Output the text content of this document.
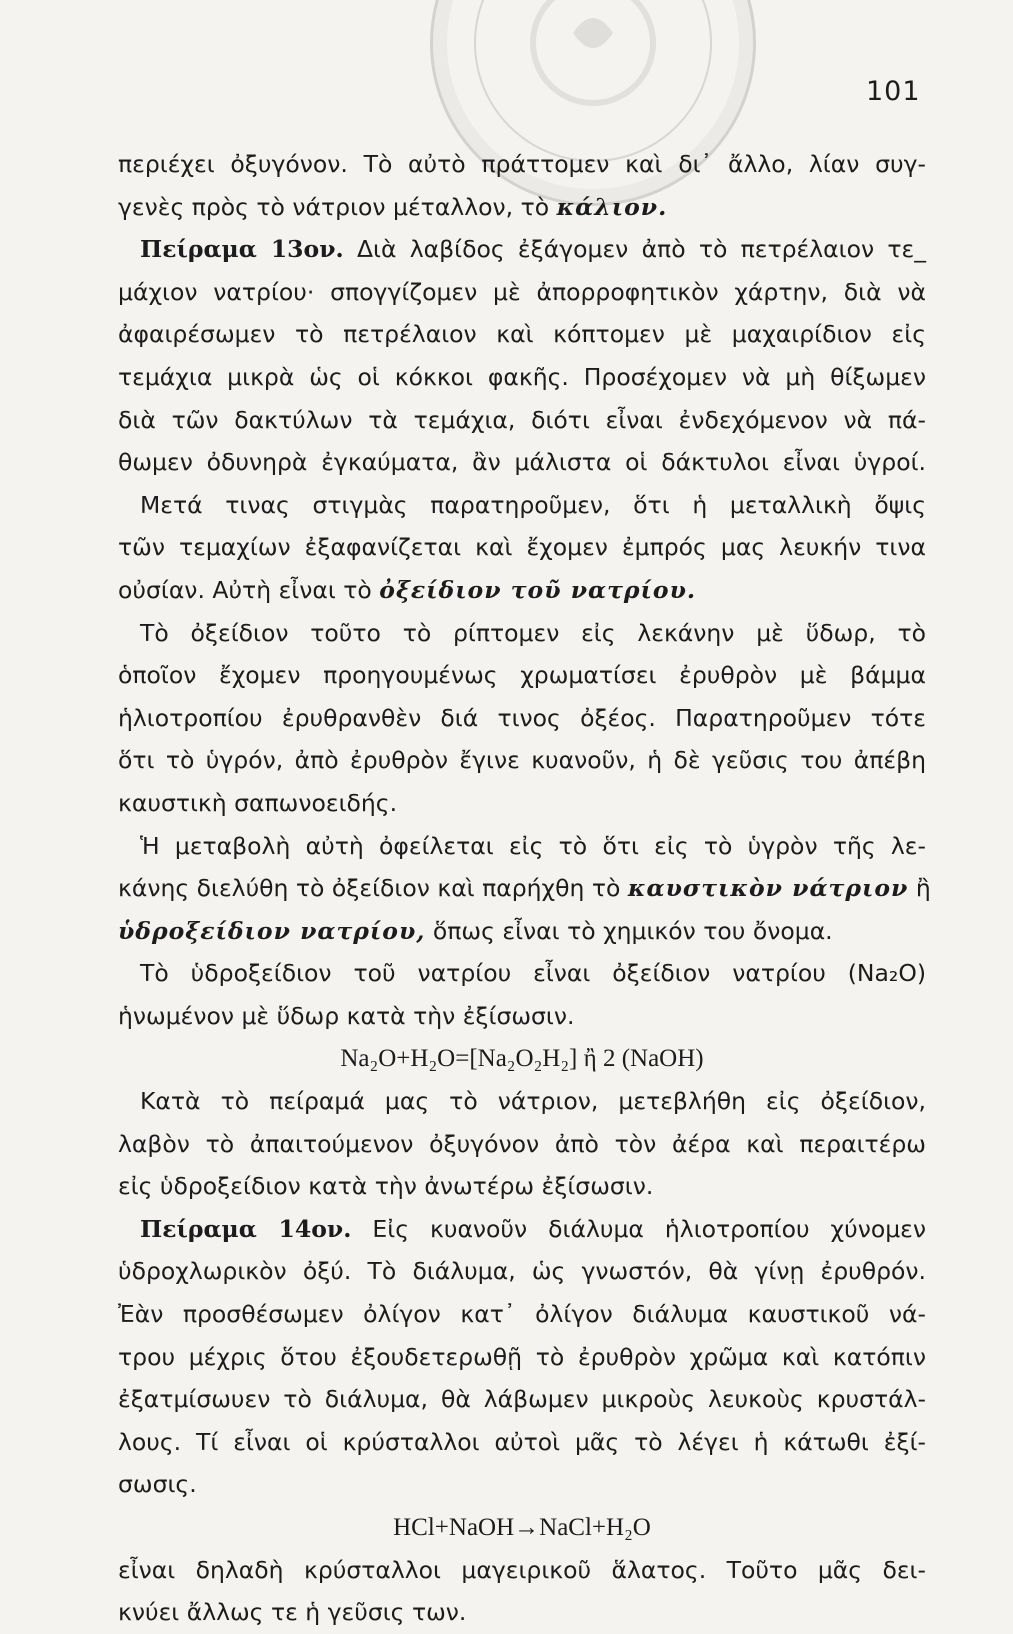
101
περιέχει ὀξυγόνον. Τὸ αὐτὸ πράττομεν καὶ δι᾽ ἄλλο, λίαν συγ-
γενὲς πρὸς τὸ νάτριον μέταλλον, τὸ κάλιον.
Πείραμα 13ον. Διὰ λαβίδος ἐξάγομεν ἀπὸ τὸ πετρέλαιον τε_
μάχιον νατρίου· σπογγίζομεν μὲ ἀπορροφητικὸν χάρτην, διὰ νὰ
ἀφαιρέσωμεν τὸ πετρέλαιον καὶ κόπτομεν μὲ μαχαιρίδιον εἰς
τεμάχια μικρὰ ὡς οἱ κόκκοι φακῆς. Προσέχομεν νὰ μὴ θίξωμεν
διὰ τῶν δακτύλων τὰ τεμάχια, διότι εἶναι ἐνδεχόμενον νὰ πά-
θωμεν ὀδυνηρὰ ἐγκαύματα, ἂν μάλιστα οἱ δάκτυλοι εἶναι ὑγροί.
Μετά τινας στιγμὰς παρατηροῦμεν, ὅτι ἡ μεταλλικὴ ὄψις
τῶν τεμαχίων ἐξαφανίζεται καὶ ἔχομεν ἐμπρός μας λευκήν τινα
οὐσίαν. Αὐτὴ εἶναι τὸ ὀξείδιον τοῦ νατρίου.
Τὸ ὀξείδιον τοῦτο τὸ ρίπτομεν εἰς λεκάνην μὲ ὕδωρ, τὸ
ὁποῖον ἔχομεν προηγουμένως χρωματίσει ἐρυθρὸν μὲ βάμμα
ἡλιοτροπίου ἐρυθρανθὲν διά τινος ὀξέος. Παρατηροῦμεν τότε
ὅτι τὸ ὑγρόν, ἀπὸ ἐρυθρὸν ἔγινε κυανοῦν, ἡ δὲ γεῦσις του ἀπέβη
καυστικὴ σαπωνοειδής.
Ἡ μεταβολὴ αὐτὴ ὀφείλεται εἰς τὸ ὅτι εἰς τὸ ὑγρὸν τῆς λε-
κάνης διελύθη τὸ ὀξείδιον καὶ παρήχθη τὸ καυστικὸν νάτριον ἢ
ὑδροξείδιον νατρίου, ὅπως εἶναι τὸ χημικόν του ὄνομα.
Τὸ ὑδροξείδιον τοῦ νατρίου εἶναι ὀξείδιον νατρίου (Na₂O)
ἡνωμένον μὲ ὕδωρ κατὰ τὴν ἐξίσωσιν.
Na₂O+H₂O=[Na₂O₂H₂] ἢ 2 (NaOH)
Κατὰ τὸ πείραμά μας τὸ νάτριον, μετεβλήθη εἰς ὀξείδιον,
λαβὸν τὸ ἀπαιτούμενον ὀξυγόνον ἀπὸ τὸν ἀέρα καὶ περαιτέρω
εἰς ὑδροξείδιον κατὰ τὴν ἀνωτέρω ἐξίσωσιν.
Πείραμα 14ον. Εἰς κυανοῦν διάλυμα ἡλιοτροπίου χύνομεν
ὑδροχλωρικὸν ὀξύ. Τὸ διάλυμα, ὡς γνωστόν, θὰ γίνῃ ἐρυθρόν.
Ἐὰν προσθέσωμεν ὀλίγον κατ᾽ ὀλίγον διάλυμα καυστικοῦ νά-
τρου μέχρις ὅτου ἐξουδετερωθῇ τὸ ἐρυθρὸν χρῶμα καὶ κατόπιν
ἐξατμίσωυεν τὸ διάλυμα, θὰ λάβωμεν μικροὺς λευκοὺς κρυστάλ-
λους. Τί εἶναι οἱ κρύσταλλοι αὐτοὶ μᾶς τὸ λέγει ἡ κάτωθι ἐξί-
σωσις.
HCl+NaOH→NaCl+H₂O
εἶναι δηλαδὴ κρύσταλλοι μαγειρικοῦ ἅλατος. Τοῦτο μᾶς δει-
κνύει ἄλλως τε ἡ γεῦσις των.
